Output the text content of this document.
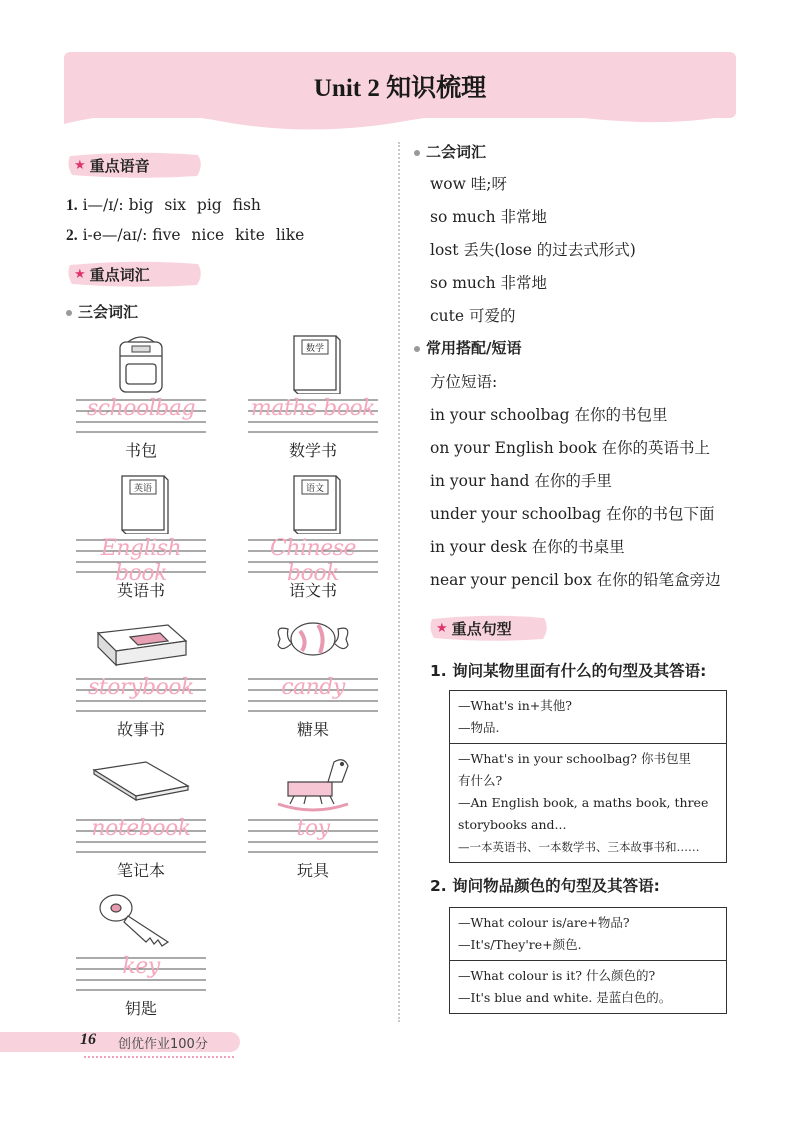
Unit 2 知识梳理
★ 重点语音
1. i—/ɪ/: big six pig fish
2. i-e—/aɪ/: five nice kite like
★ 重点词汇
三会词汇
schoolbag
书包
数学
maths book
数学书
英语
English book
英语书
语文
Chinese book
语文书
storybook
故事书
candy
糖果
notebook
笔记本
toy
玩具
key
钥匙
二会词汇
wow 哇;呀
so much 非常地
lost 丢失(lose 的过去式形式)
so much 非常地
cute 可爱的
常用搭配/短语
方位短语:
in your schoolbag 在你的书包里
on your English book 在你的英语书上
in your hand 在你的手里
under your schoolbag 在你的书包下面
in your desk 在你的书桌里
near your pencil box 在你的铅笔盒旁边
★ 重点句型
1. 询问某物里面有什么的句型及其答语:
—What's in+其他?
—物品.
—What's in your schoolbag? 你书包里
有什么?
—An English book, a maths book, three
storybooks and...
—一本英语书、一本数学书、三本故事书和……
2. 询问物品颜色的句型及其答语:
—What colour is/are+物品?
—It's/They're+颜色.
—What colour is it? 什么颜色的?
—It's blue and white. 是蓝白色的。
16 创优作业100分
